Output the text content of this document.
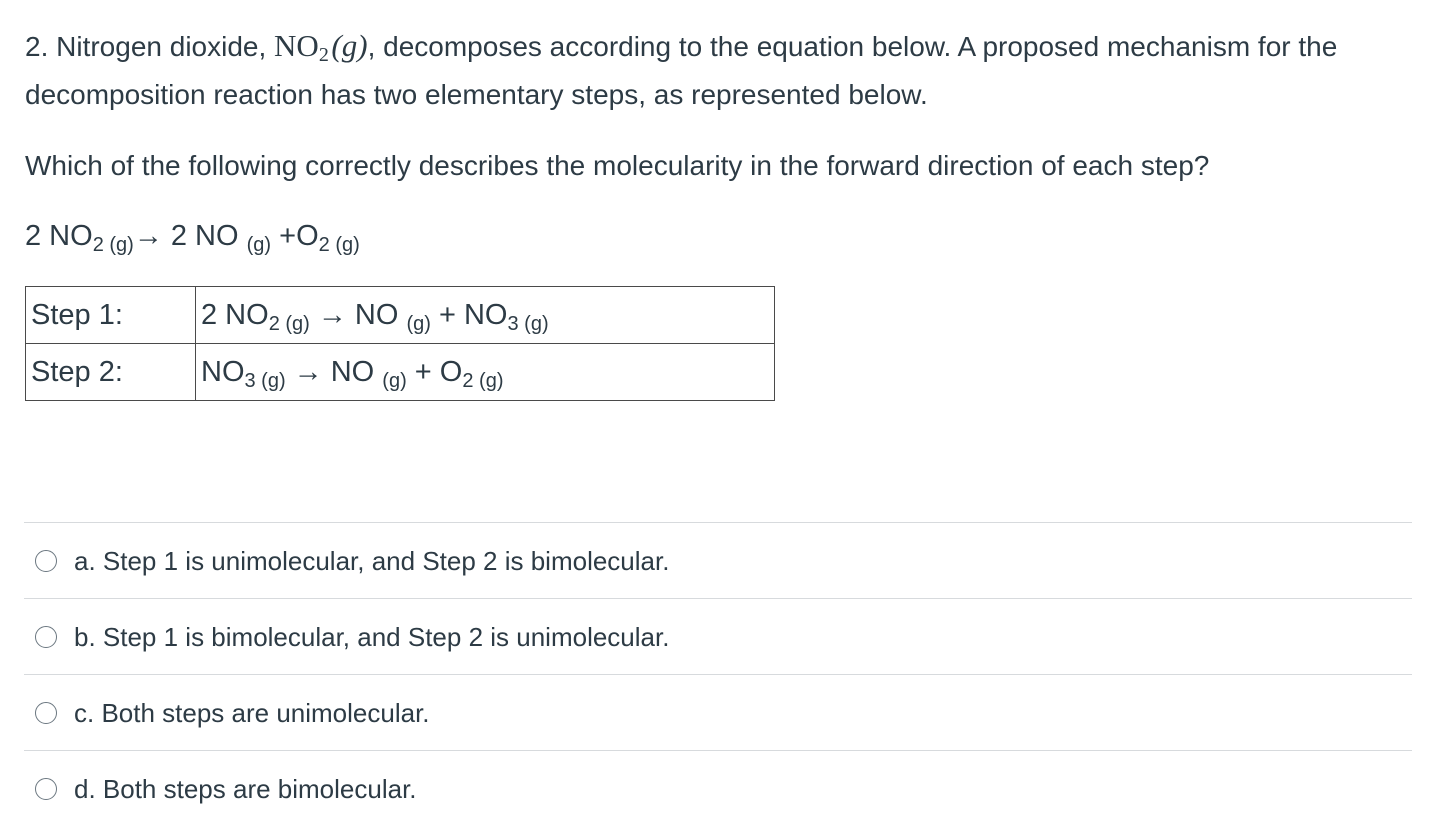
2. Nitrogen dioxide, $NO_2$ (g), decomposes according to the equation below. A proposed mechanism for the decomposition reaction has two elementary steps, as represented below.

Which of the following correctly describes the molecularity in the forward direction of each step?

2 $NO_{2 (g)}\to 2$ NO $_{(g)} +O_{2 (g)}$
Step 1:	2 $NO_{2 (g)}$ → NO $_{(g)} + NO_{3 (g)}$
Step 2:	$NO_{3 (g)}$ → NO $_{(g)} + O_{2 (g)}$
a. Step 1 is unimolecular, and Step 2 is bimolecular.
b. Step 1 is bimolecular, and Step 2 is unimolecular.
c. Both steps are unimolecular.
d. Both steps are bimolecular.
